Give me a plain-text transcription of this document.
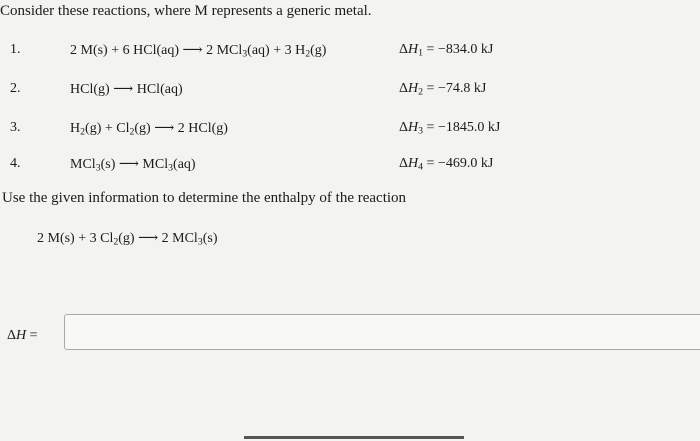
Consider these reactions, where M represents a generic metal.
1.	2 M(s) + 6 HCl(aq) ⟶ 2 MCl$_3$(aq) + 3 $H_2(g)$	$\Delta H_1 = -834.0$ kJ
2.	HCl(g) ⟶ HCl(aq)	$\Delta H_2 = -74.8$ kJ
3.	$H_2(g) + Cl_2(g)$ ⟶ 2 HCl(g)	$\Delta H_3 = -1845.0$ kJ
4.	MCl$_3$(s) ⟶ MCl$_3$(aq)	$\Delta H_4 = -469.0$ kJ
Use the given information to determine the enthalpy of the reaction
2 M(s) + 3 $Cl_2(g)$ ⟶ 2 MCl$_3$(s)
ΔH =
